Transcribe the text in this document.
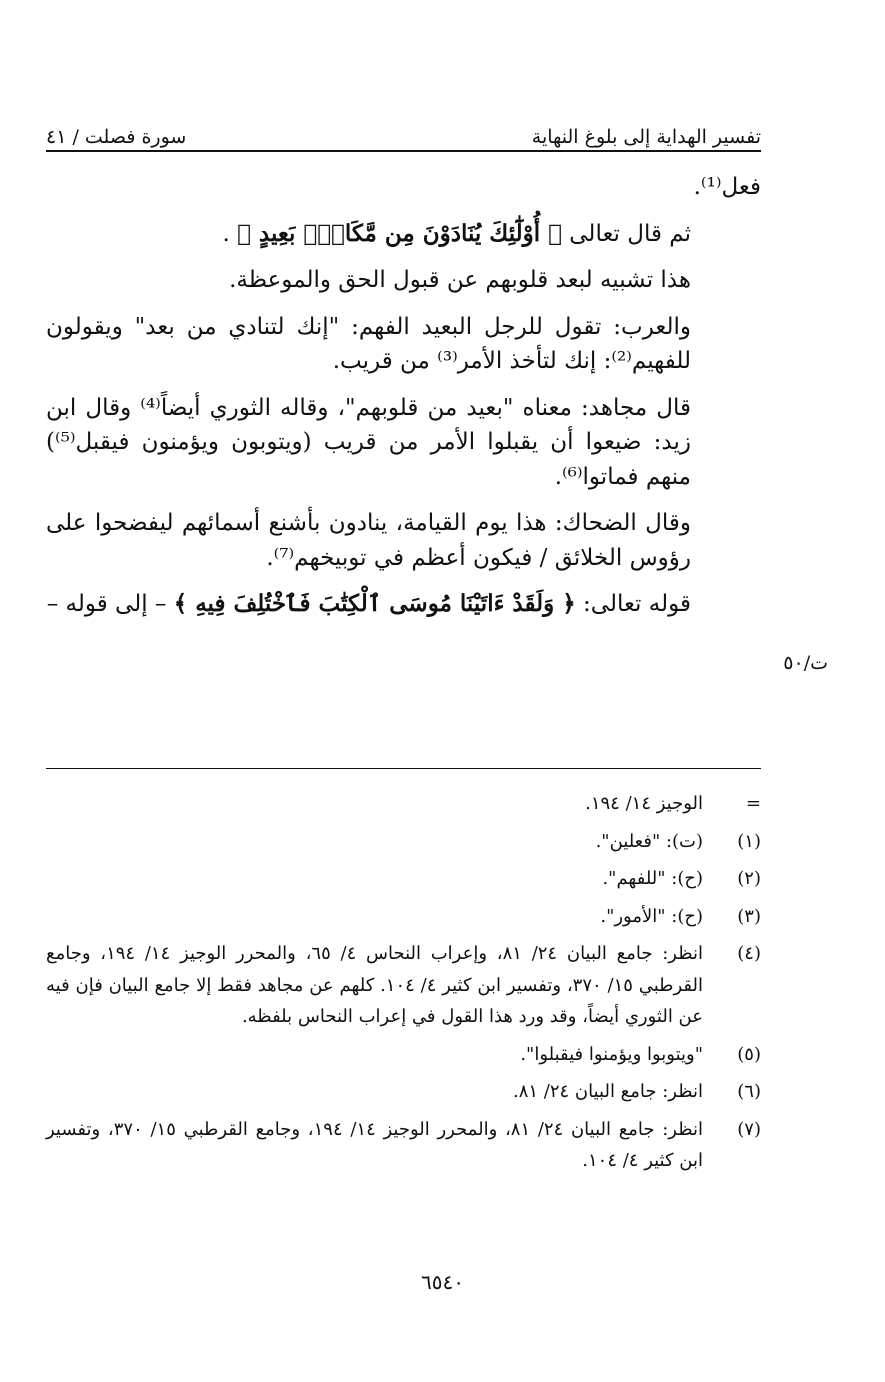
تفسير الهداية إلى بلوغ النهاية
سورة فصلت / ٤١

فعل⁽¹⁾.

ثم قال تعالى ﴿ أُوْلَٰٓئِكَ يُنَادَوْنَ مِن مَّكَانِۭ بَعِيدٍ ﴾ .

هذا تشبيه لبعد قلوبهم عن قبول الحق والموعظة.

والعرب: تقول للرجل البعيد الفهم: "إنك لتنادي من بعد" ويقولون للفهيم⁽²⁾: إنك لتأخذ الأمر⁽³⁾ من قريب.

قال مجاهد: معناه "بعيد من قلوبهم"، وقاله الثوري أيضاً⁽⁴⁾ وقال ابن زيد: ضيعوا أن يقبلوا الأمر من قريب (ويتوبون ويؤمنون فيقبل⁽⁵⁾) منهم فماتوا⁽⁶⁾.

وقال الضحاك: هذا يوم القيامة، ينادون بأشنع أسمائهم ليفضحوا على رؤوس الخلائق / فيكون أعظم في توبيخهم⁽⁷⁾.

قوله تعالى: ﴿ وَلَقَدْ ءَاتَيْنَا مُوسَى ٱلْكِتَٰبَ فَٱخْتُلِفَ فِيهِ ﴾ – إلى قوله –

ت/٥٠
=
الوجيز ١٤/ ١٩٤.
(١)
(ت): "فعلين".
(٢)
(ح): "للفهم".
(٣)
(ح): "الأمور".
(٤)
انظر: جامع البيان ٢٤/ ٨١، وإعراب النحاس ٤/ ٦٥، والمحرر الوجيز ١٤/ ١٩٤، وجامع القرطبي ١٥/ ٣٧٠، وتفسير ابن كثير ٤/ ١٠٤. كلهم عن مجاهد فقط إلا جامع البيان فإن فيه عن الثوري أيضاً، وقد ورد هذا القول في إعراب النحاس بلفظه.
(٥)
"ويتوبوا ويؤمنوا فيقبلوا".
(٦)
انظر: جامع البيان ٢٤/ ٨١.
(٧)
انظر: جامع البيان ٢٤/ ٨١، والمحرر الوجيز ١٤/ ١٩٤، وجامع القرطبي ١٥/ ٣٧٠، وتفسير ابن كثير ٤/ ١٠٤.
٦٥٤٠
